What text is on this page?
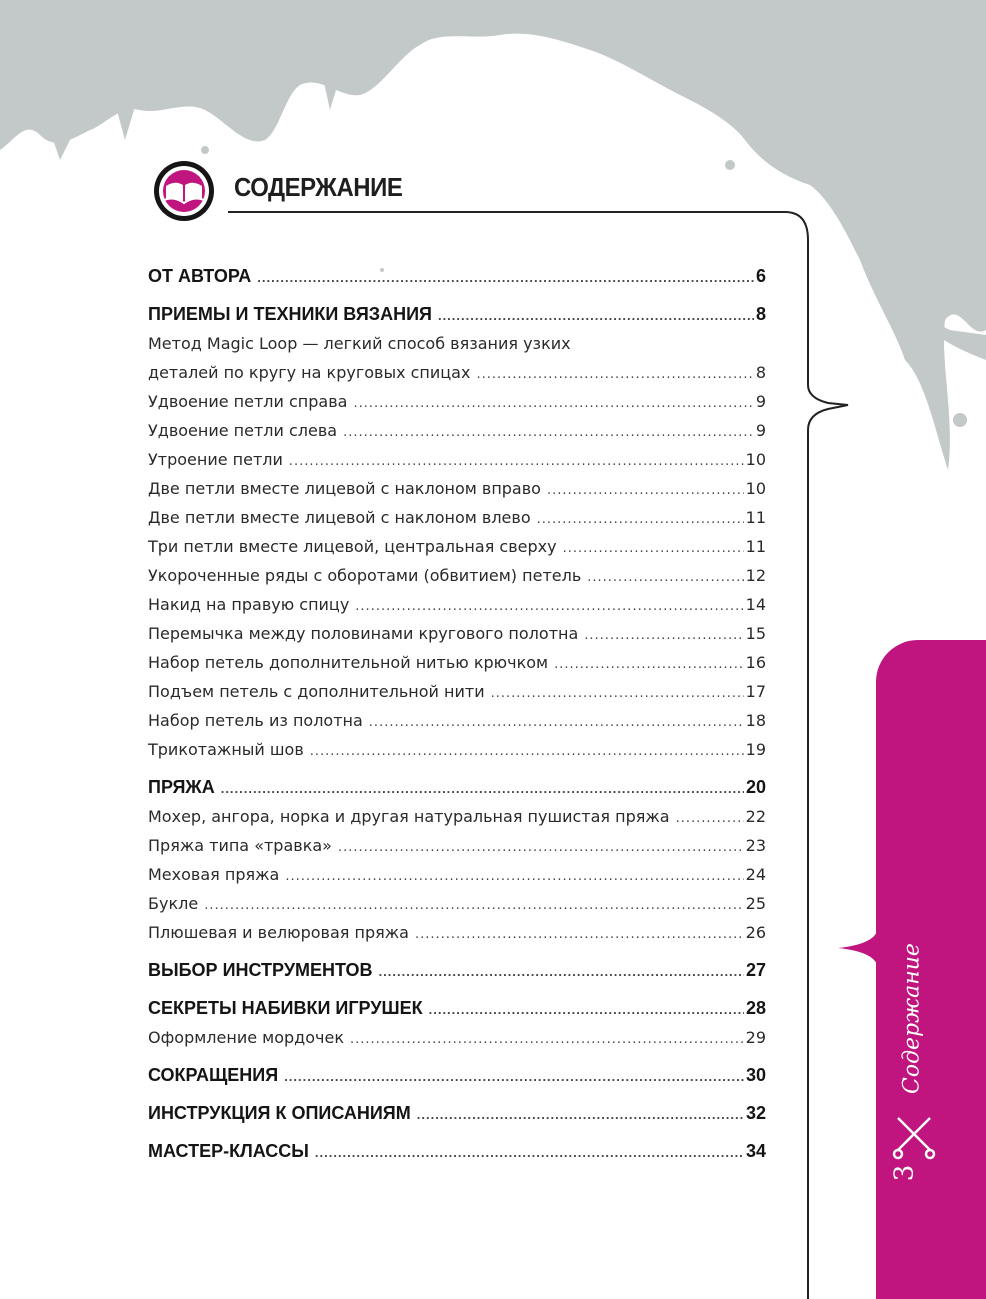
СОДЕРЖАНИЕ
ОТ АВТОРА .....	6
ПРИЕМЫ И ТЕХНИКИ ВЯЗАНИЯ .....	8
Метод Magic Loop — легкий способ вязания узких
деталей по кругу на круговых спицах .....	8
Удвоение петли справа .....	9
Удвоение петли слева .....	9
Утроение петли .....	10
Две петли вместе лицевой с наклоном вправо .....	10
Две петли вместе лицевой с наклоном влево .....	11
Три петли вместе лицевой, центральная сверху .....	11
Укороченные ряды с оборотами (обвитием) петель .....	12
Накид на правую спицу .....	14
Перемычка между половинами кругового полотна .....	15
Набор петель дополнительной нитью крючком .....	16
Подъем петель с дополнительной нити .....	17
Набор петель из полотна .....	18
Трикотажный шов .....	19
ПРЯЖА .....	20
Мохер, ангора, норка и другая натуральная пушистая пряжа .....	22
Пряжа типа «травка» .....	23
Меховая пряжа .....	24
Букле .....	25
Плюшевая и велюровая пряжа .....	26
ВЫБОР ИНСТРУМЕНТОВ .....	27
СЕКРЕТЫ НАБИВКИ ИГРУШЕК .....	28
Оформление мордочек .....	29
СОКРАЩЕНИЯ .....	30
ИНСТРУКЦИЯ К ОПИСАНИЯМ .....	32
МАСТЕР-КЛАССЫ .....	34
Содержание
3
